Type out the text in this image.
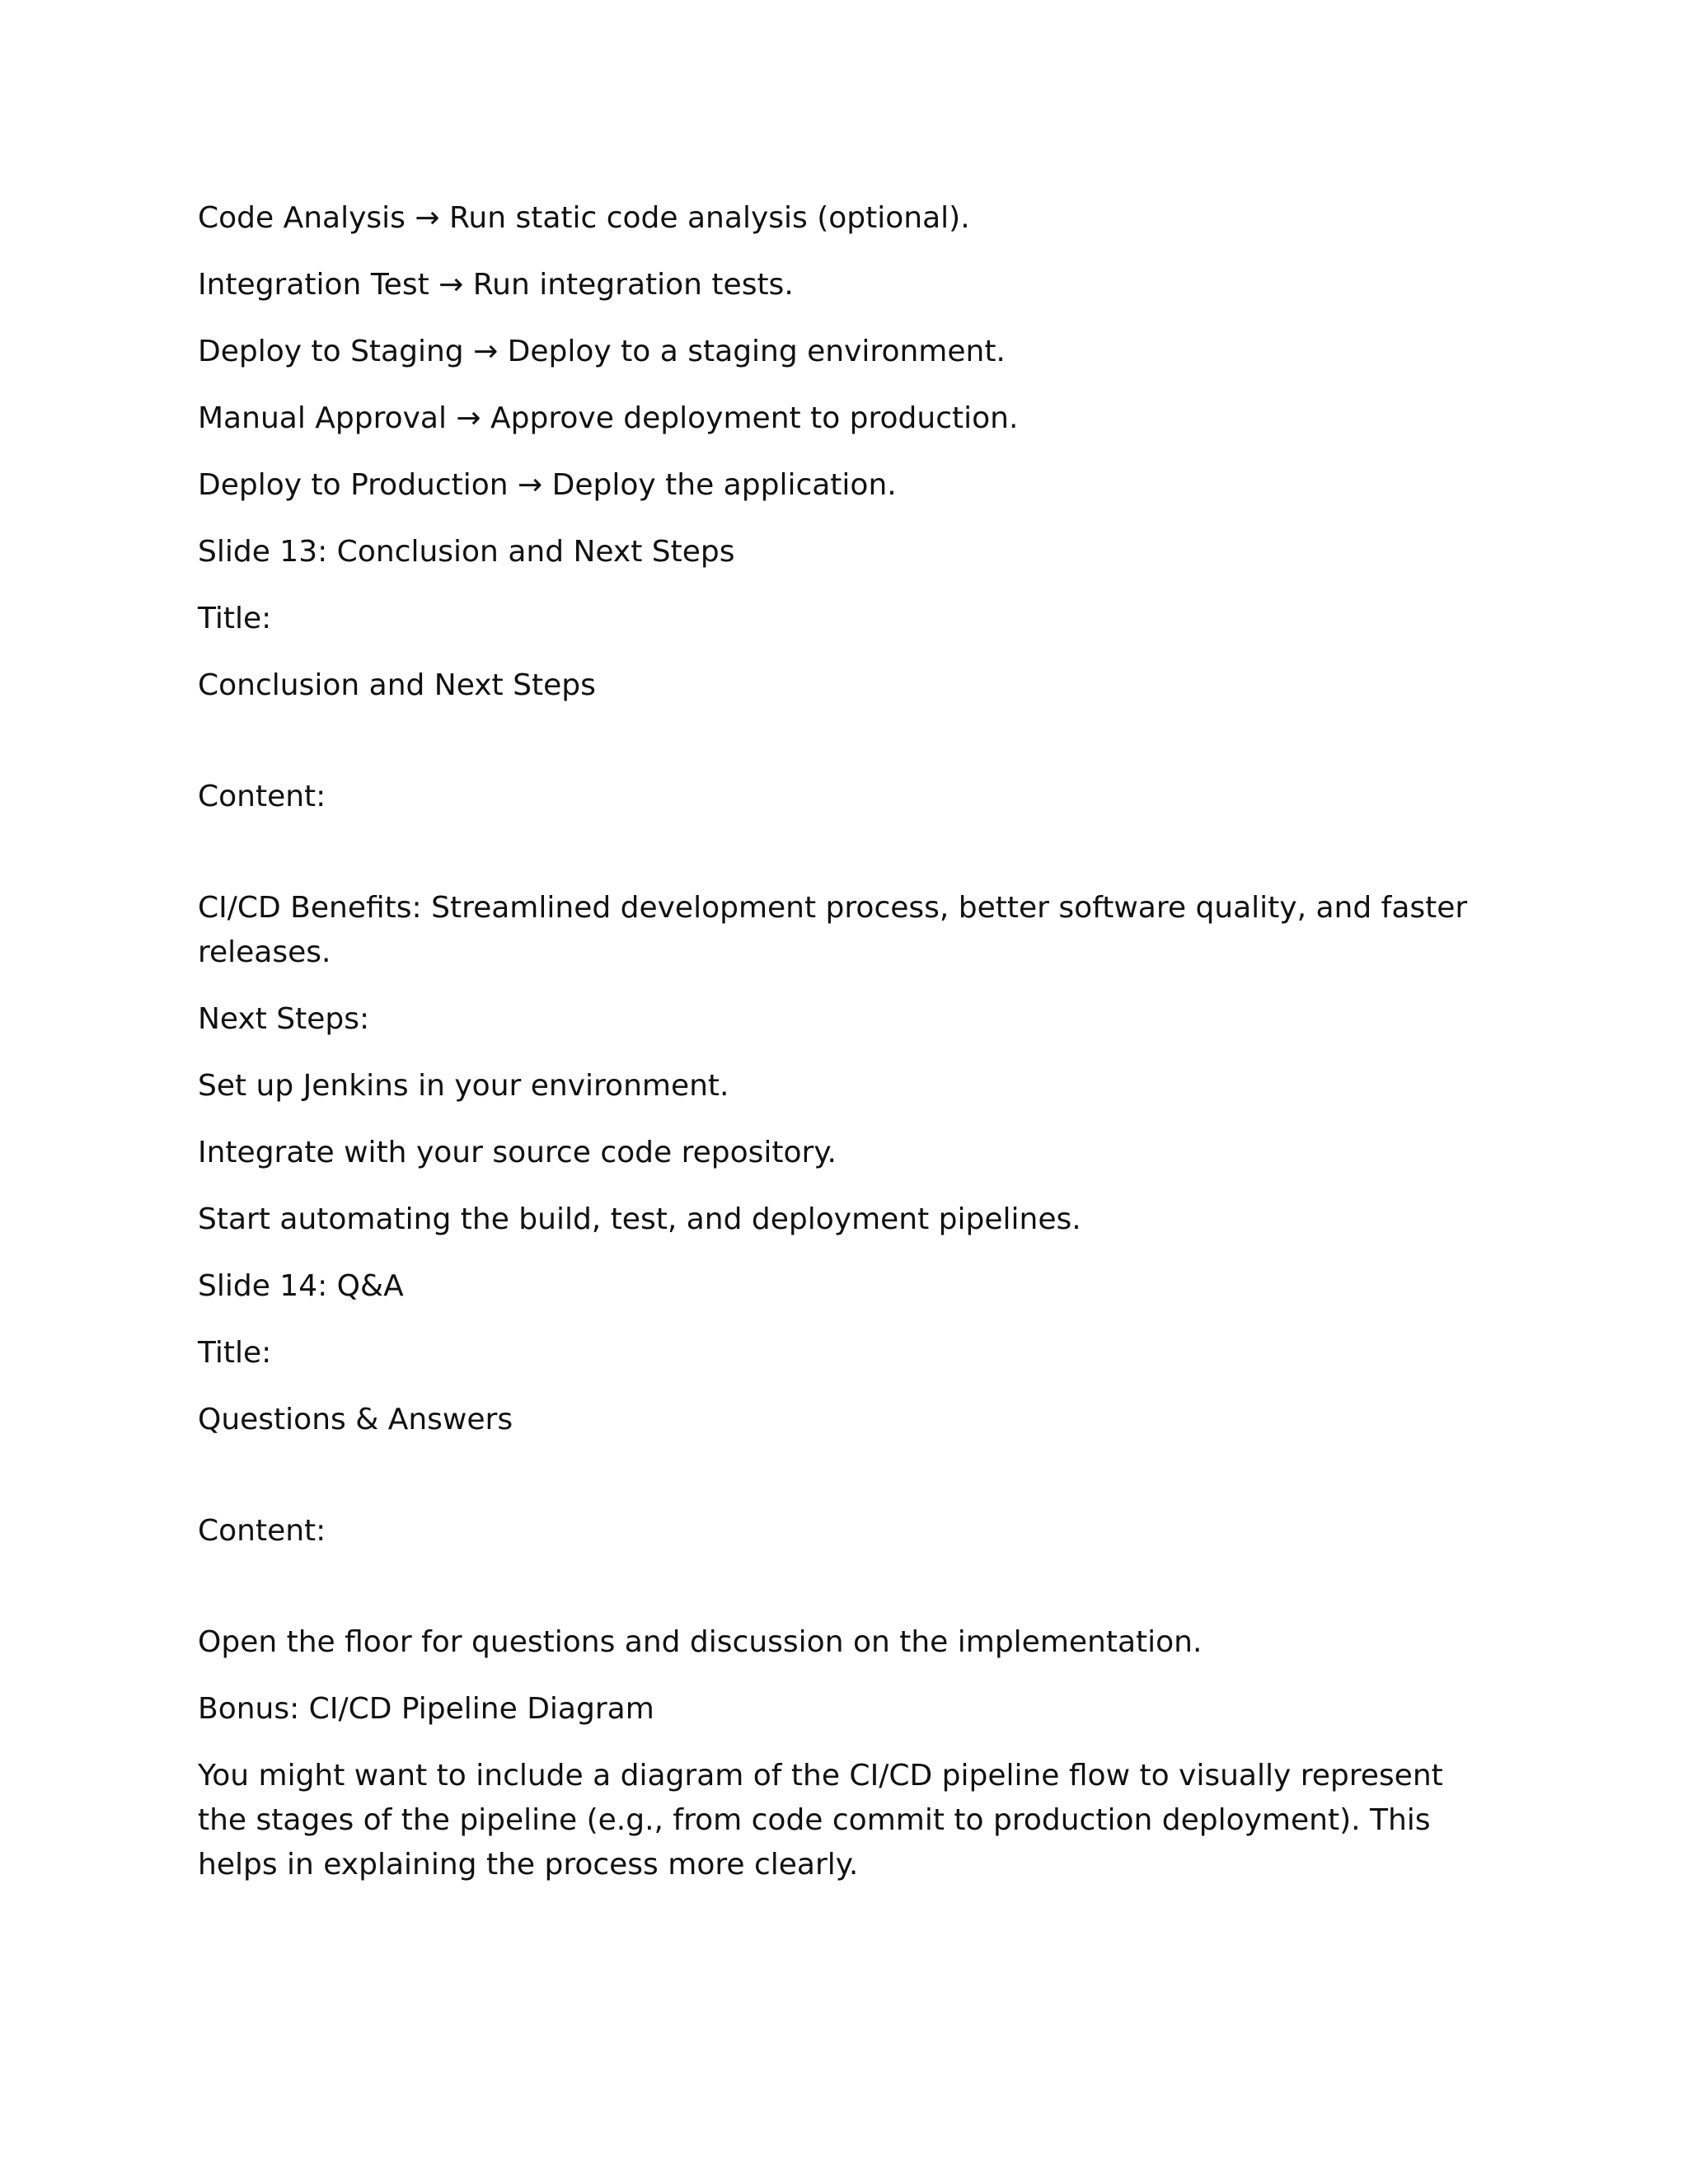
Code Analysis → Run static code analysis (optional).

Integration Test → Run integration tests.

Deploy to Staging → Deploy to a staging environment.

Manual Approval → Approve deployment to production.

Deploy to Production → Deploy the application.

Slide 13: Conclusion and Next Steps

Title:

Conclusion and Next Steps

Content:

CI/CD Benefits: Streamlined development process, better software quality, and faster releases.

Next Steps:

Set up Jenkins in your environment.

Integrate with your source code repository.

Start automating the build, test, and deployment pipelines.

Slide 14: Q&A

Title:

Questions & Answers

Content:

Open the floor for questions and discussion on the implementation.

Bonus: CI/CD Pipeline Diagram

You might want to include a diagram of the CI/CD pipeline flow to visually represent the stages of the pipeline (e.g., from code commit to production deployment). This helps in explaining the process more clearly.
